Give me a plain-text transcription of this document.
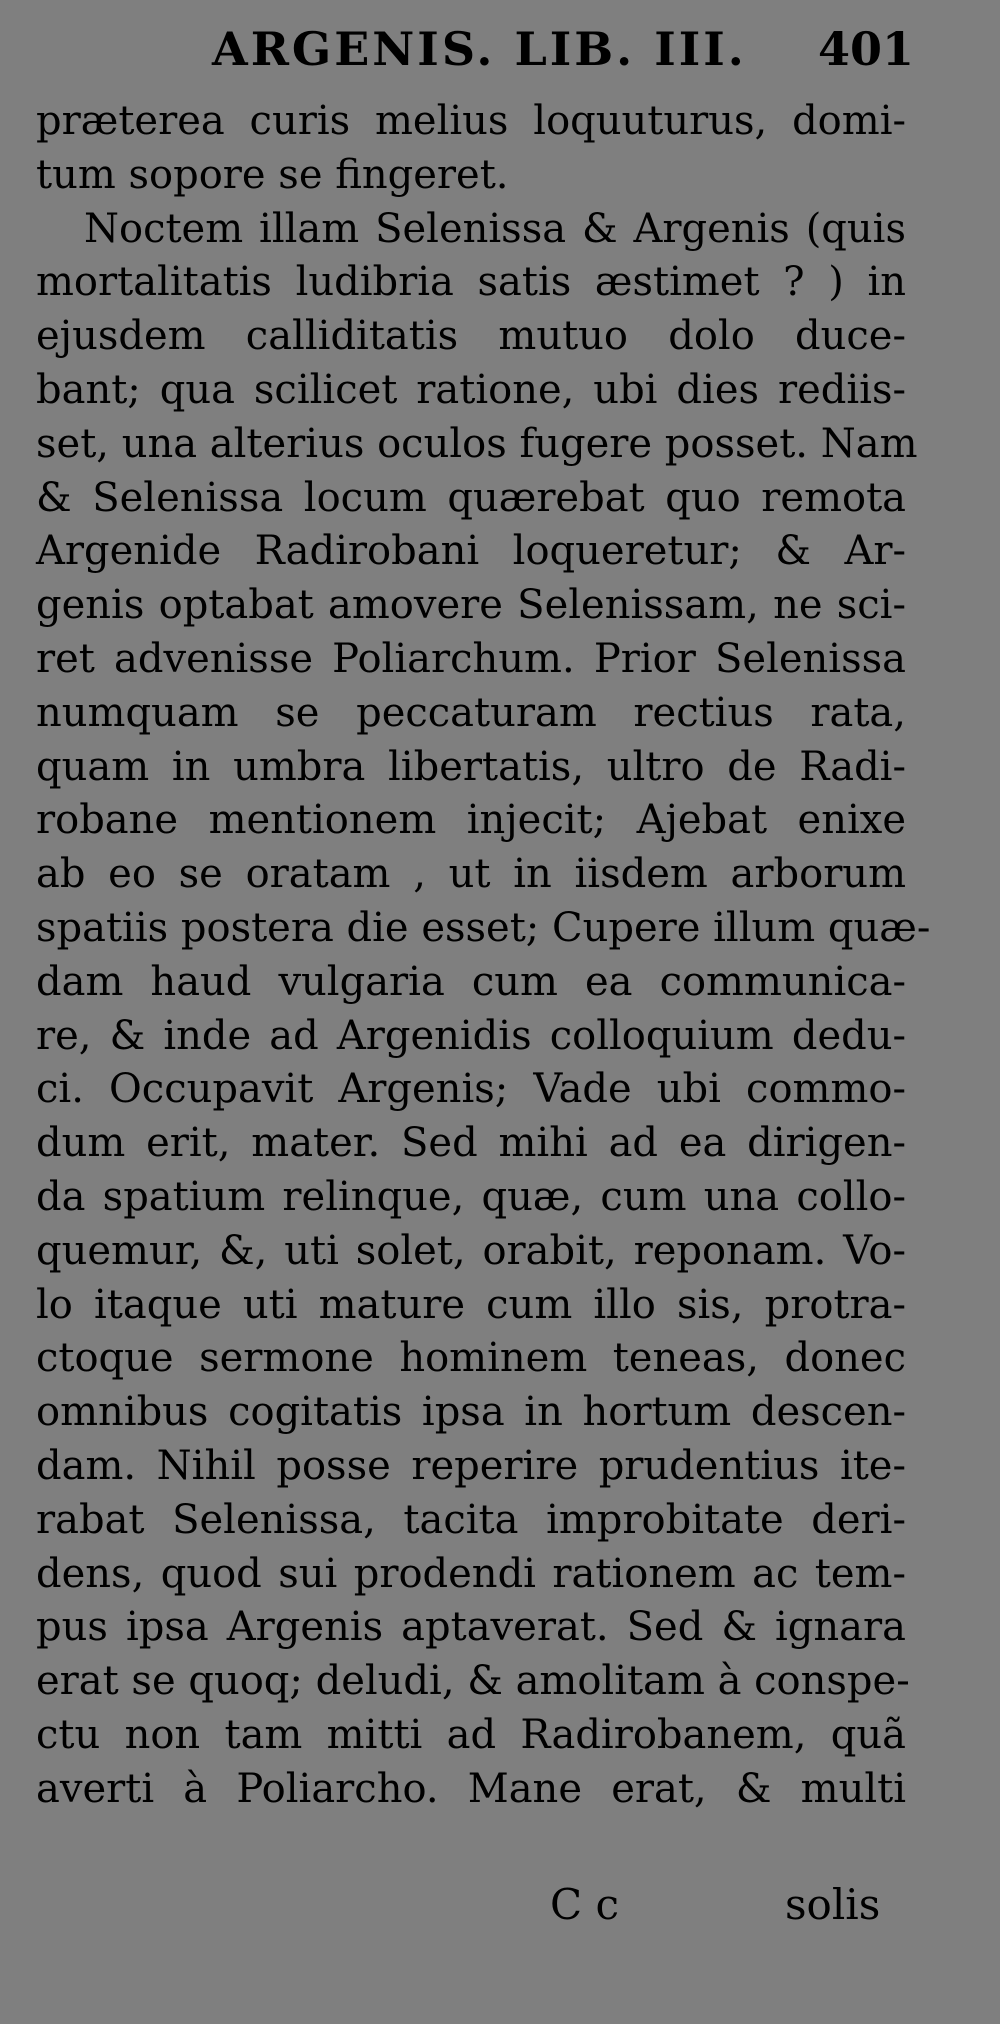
ARGENIS. LIB. III. 401
præterea curis melius loquuturus, domi-
tum sopore se fingeret.
Noctem illam Selenissa & Argenis (quis
mortalitatis ludibria satis æstimet ? ) in
ejusdem calliditatis mutuo dolo duce-
bant; qua scilicet ratione, ubi dies rediis-
set, una alterius oculos fugere posset. Nam
& Selenissa locum quærebat quo remota
Argenide Radirobani loqueretur; & Ar-
genis optabat amovere Selenissam, ne sci-
ret advenisse Poliarchum. Prior Selenissa
numquam se peccaturam rectius rata,
quam in umbra libertatis, ultro de Radi-
robane mentionem injecit; Ajebat enixe
ab eo se oratam , ut in iisdem arborum
spatiis postera die esset; Cupere illum quæ-
dam haud vulgaria cum ea communica-
re, & inde ad Argenidis colloquium dedu-
ci. Occupavit Argenis; Vade ubi commo-
dum erit, mater. Sed mihi ad ea dirigen-
da spatium relinque, quæ, cum una collo-
quemur, &, uti solet, orabit, reponam. Vo-
lo itaque uti mature cum illo sis, protra-
ctoque sermone hominem teneas, donec
omnibus cogitatis ipsa in hortum descen-
dam. Nihil posse reperire prudentius ite-
rabat Selenissa, tacita improbitate deri-
dens, quod sui prodendi rationem ac tem-
pus ipsa Argenis aptaverat. Sed & ignara
erat se quoq; deludi, & amolitam à conspe-
ctu non tam mitti ad Radirobanem, quã
averti à Poliarcho. Mane erat, & multi
C c	solis
